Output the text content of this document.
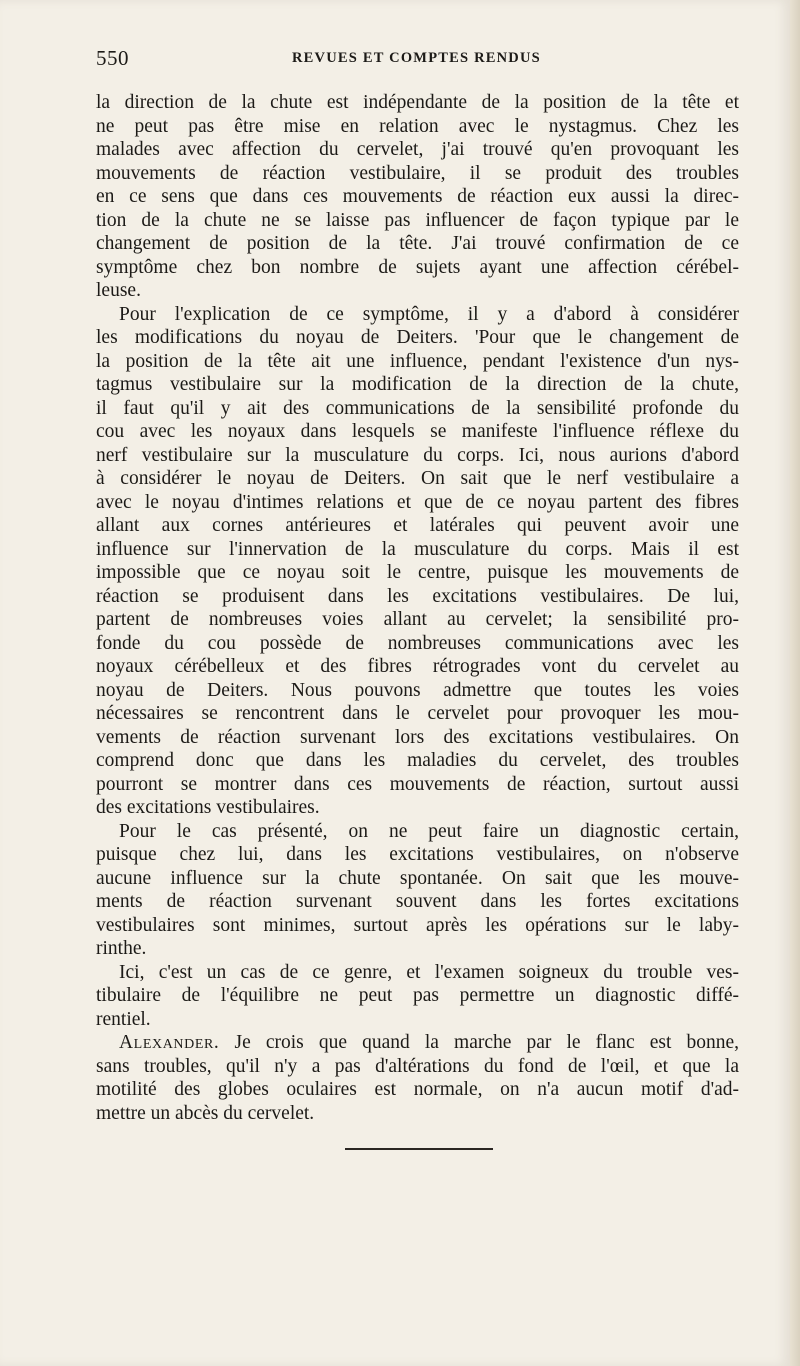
550	REVUES ET COMPTES RENDUS
la direction de la chute est indépendante de la position de la tête et
ne peut pas être mise en relation avec le nystagmus. Chez les
malades avec affection du cervelet, j'ai trouvé qu'en provoquant les
mouvements de réaction vestibulaire, il se produit des troubles
en ce sens que dans ces mouvements de réaction eux aussi la direc-
tion de la chute ne se laisse pas influencer de façon typique par le
changement de position de la tête. J'ai trouvé confirmation de ce
symptôme chez bon nombre de sujets ayant une affection cérébel-
leuse.
Pour l'explication de ce symptôme, il y a d'abord à considérer
les modifications du noyau de Deiters. 'Pour que le changement de
la position de la tête ait une influence, pendant l'existence d'un nys-
tagmus vestibulaire sur la modification de la direction de la chute,
il faut qu'il y ait des communications de la sensibilité profonde du
cou avec les noyaux dans lesquels se manifeste l'influence réflexe du
nerf vestibulaire sur la musculature du corps. Ici, nous aurions d'abord
à considérer le noyau de Deiters. On sait que le nerf vestibulaire a
avec le noyau d'intimes relations et que de ce noyau partent des fibres
allant aux cornes antérieures et latérales qui peuvent avoir une
influence sur l'innervation de la musculature du corps. Mais il est
impossible que ce noyau soit le centre, puisque les mouvements de
réaction se produisent dans les excitations vestibulaires. De lui,
partent de nombreuses voies allant au cervelet; la sensibilité pro-
fonde du cou possède de nombreuses communications avec les
noyaux cérébelleux et des fibres rétrogrades vont du cervelet au
noyau de Deiters. Nous pouvons admettre que toutes les voies
nécessaires se rencontrent dans le cervelet pour provoquer les mou-
vements de réaction survenant lors des excitations vestibulaires. On
comprend donc que dans les maladies du cervelet, des troubles
pourront se montrer dans ces mouvements de réaction, surtout aussi
des excitations vestibulaires.
Pour le cas présenté, on ne peut faire un diagnostic certain,
puisque chez lui, dans les excitations vestibulaires, on n'observe
aucune influence sur la chute spontanée. On sait que les mouve-
ments de réaction survenant souvent dans les fortes excitations
vestibulaires sont minimes, surtout après les opérations sur le laby-
rinthe.
Ici, c'est un cas de ce genre, et l'examen soigneux du trouble ves-
tibulaire de l'équilibre ne peut pas permettre un diagnostic diffé-
rentiel.
Alexander. Je crois que quand la marche par le flanc est bonne,
sans troubles, qu'il n'y a pas d'altérations du fond de l'œil, et que la
motilité des globes oculaires est normale, on n'a aucun motif d'ad-
mettre un abcès du cervelet.
